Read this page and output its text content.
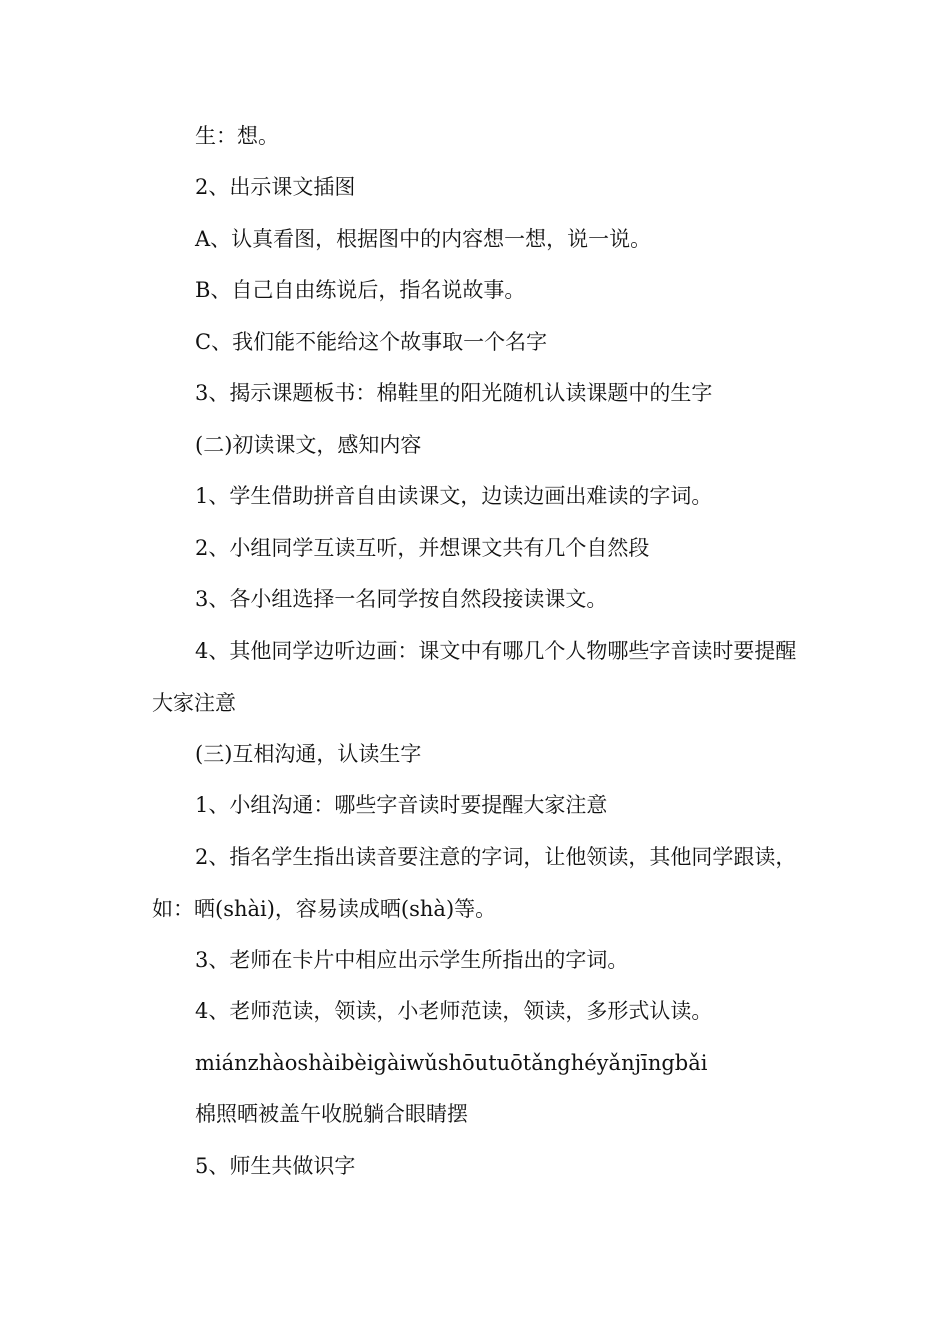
生：想。

2、出示课文插图

A、认真看图，根据图中的内容想一想，说一说。

B、自己自由练说后，指名说故事。

C、我们能不能给这个故事取一个名字

3、揭示课题板书：棉鞋里的阳光随机认读课题中的生字

(二)初读课文，感知内容

1、学生借助拼音自由读课文，边读边画出难读的字词。

2、小组同学互读互听，并想课文共有几个自然段

3、各小组选择一名同学按自然段接读课文。

4、其他同学边听边画：课文中有哪几个人物哪些字音读时要提醒大家注意

(三)互相沟通，认读生字

1、小组沟通：哪些字音读时要提醒大家注意

2、指名学生指出读音要注意的字词，让他领读，其他同学跟读，如：晒(shài)，容易读成晒(shà)等。

3、老师在卡片中相应出示学生所指出的字词。

4、老师范读，领读，小老师范读，领读，多形式认读。

miánzhàoshàibèigàiwǔshōutuōtǎnghéyǎnjīngbǎi

棉照晒被盖午收脱躺合眼睛摆

5、师生共做识字
